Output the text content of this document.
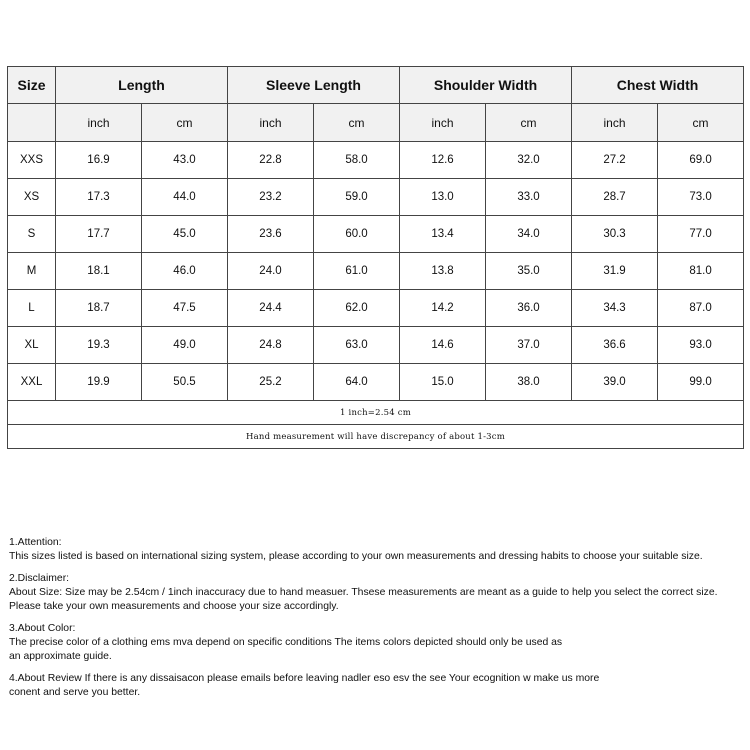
Size	Length		Sleeve Length		Shoulder Width		Chest Width	
	inch	cm	inch	cm	inch	cm	inch	cm
XXS	16.9	43.0	22.8	58.0	12.6	32.0	27.2	69.0
XS	17.3	44.0	23.2	59.0	13.0	33.0	28.7	73.0
S	17.7	45.0	23.6	60.0	13.4	34.0	30.3	77.0
M	18.1	46.0	24.0	61.0	13.8	35.0	31.9	81.0
L	18.7	47.5	24.4	62.0	14.2	36.0	34.3	87.0
XL	19.3	49.0	24.8	63.0	14.6	37.0	36.6	93.0
XXL	19.9	50.5	25.2	64.0	15.0	38.0	39.0	99.0
1 inch=2.54 cm								
Hand measurement will have discrepancy of about 1-3cm								
1.Attention:
This sizes listed is based on international sizing system, please according to your own measurements and dressing habits to choose your suitable size.
2.Disclaimer:
About Size: Size may be 2.54cm / 1inch inaccuracy due to hand measuer. Thsese measurements are meant as a guide to help you select the correct size.
Please take your own measurements and choose your size accordingly.
3.About Color:
The precise color of a clothing ems mva depend on specific conditions The items colors depicted should only be used as
an approximate guide.
4.About Review If there is any dissaisacon please emails before leaving nadler eso esv the see Your ecognition w make us more
conent and serve you better.
